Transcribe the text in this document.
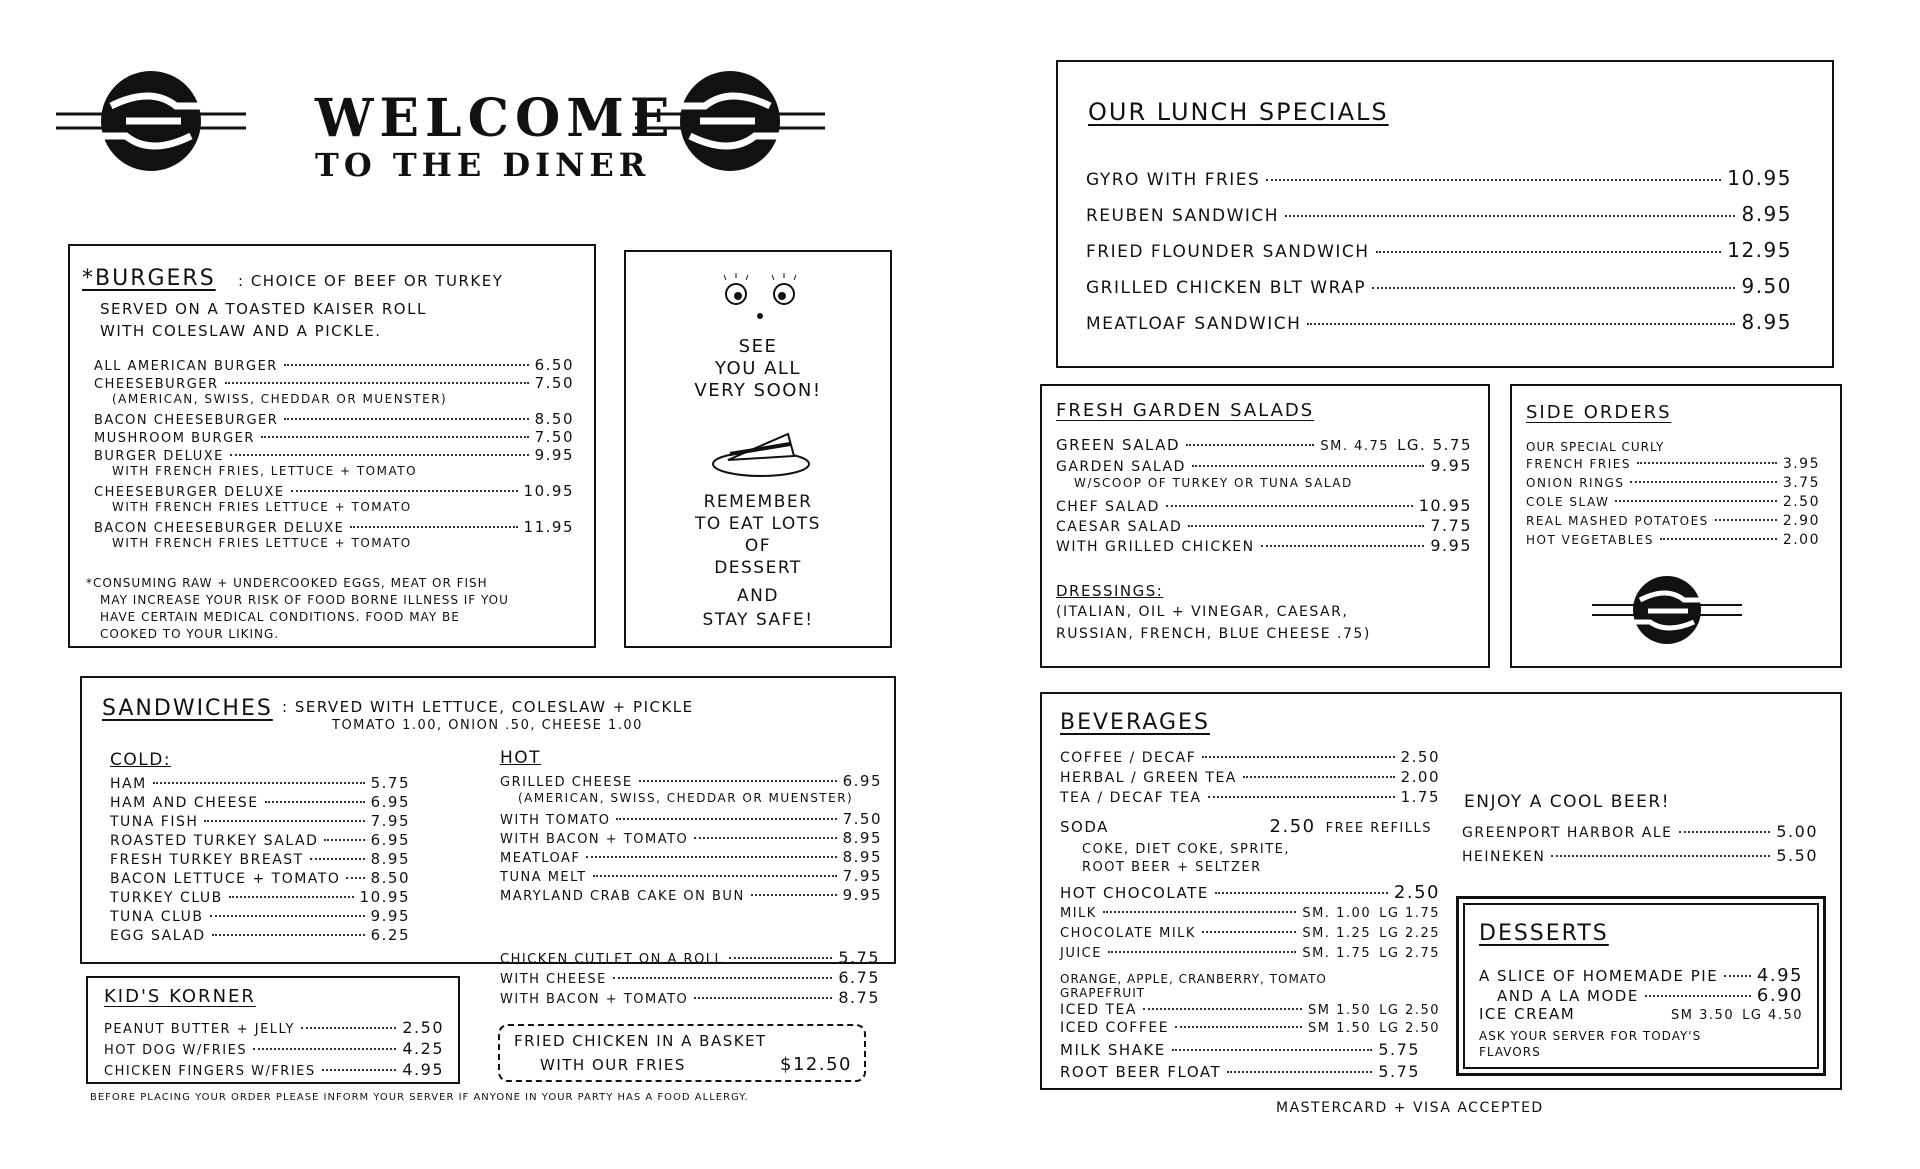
WELCOME
TO THE DINER
*BURGERS : CHOICE OF BEEF OR TURKEY
SERVED ON A TOASTED KAISER ROLL
WITH COLESLAW AND A PICKLE.
ALL AMERICAN BURGER	6.50
CHEESEBURGER	7.50
(AMERICAN, SWISS, CHEDDAR OR MUENSTER)
BACON CHEESEBURGER	8.50
MUSHROOM BURGER	7.50
BURGER DELUXE	9.95
WITH FRENCH FRIES, LETTUCE + TOMATO
CHEESEBURGER DELUXE	10.95
WITH FRENCH FRIES LETTUCE + TOMATO
BACON CHEESEBURGER DELUXE	11.95
WITH FRENCH FRIES LETTUCE + TOMATO
*CONSUMING RAW + UNDERCOOKED EGGS, MEAT OR FISH
MAY INCREASE YOUR RISK OF FOOD BORNE ILLNESS IF YOU
HAVE CERTAIN MEDICAL CONDITIONS. FOOD MAY BE
COOKED TO YOUR LIKING.
SEE
YOU ALL
VERY SOON!
REMEMBER
TO EAT LOTS
OF
DESSERT
AND
STAY SAFE!
SANDWICHES : SERVED WITH LETTUCE, COLESLAW + PICKLE
TOMATO 1.00, ONION .50, CHEESE 1.00
COLD:
HAM	5.75
HAM AND CHEESE	6.95
TUNA FISH	7.95
ROASTED TURKEY SALAD	6.95
FRESH TURKEY BREAST	8.95
BACON LETTUCE + TOMATO 8.50
TURKEY CLUB	10.95
TUNA CLUB	9.95
EGG SALAD	6.25
HOT
GRILLED CHEESE	6.95
(AMERICAN, SWISS, CHEDDAR OR MUENSTER)
WITH TOMATO	7.50
WITH BACON + TOMATO	8.95
MEATLOAF	8.95
TUNA MELT	7.95
MARYLAND CRAB CAKE ON BUN	9.95
CHICKEN CUTLET ON A ROLL	5.75
WITH CHEESE	6.75
WITH BACON + TOMATO	8.75
FRIED CHICKEN IN A BASKET
WITH OUR FRIES	$12.50
KID'S KORNER
PEANUT BUTTER + JELLY	2.50
HOT DOG W/FRIES	4.25
CHICKEN FINGERS W/FRIES	4.95
BEFORE PLACING YOUR ORDER PLEASE INFORM YOUR SERVER IF ANYONE IN YOUR PARTY HAS A FOOD ALLERGY.
OUR LUNCH SPECIALS
GYRO WITH FRIES	10.95
REUBEN SANDWICH	8.95
FRIED FLOUNDER SANDWICH	12.95
GRILLED CHICKEN BLT WRAP	9.50
MEATLOAF SANDWICH	8.95
FRESH GARDEN SALADS
GREEN SALAD	SM. 4.75 LG. 5.75
GARDEN SALAD	9.95
W/SCOOP OF TURKEY OR TUNA SALAD
CHEF SALAD	10.95
CAESAR SALAD	7.75
WITH GRILLED CHICKEN	9.95
DRESSINGS:
(ITALIAN, OIL + VINEGAR, CAESAR,
RUSSIAN, FRENCH, BLUE CHEESE .75)
SIDE ORDERS
OUR SPECIAL CURLY
FRENCH FRIES	3.95
ONION RINGS	3.75
COLE SLAW	2.50
REAL MASHED POTATOES	2.90
HOT VEGETABLES	2.00
BEVERAGES
COFFEE / DECAF	2.50
HERBAL / GREEN TEA	2.00
TEA / DECAF TEA	1.75
SODA	2.50 FREE REFILLS
COKE, DIET COKE, SPRITE,
ROOT BEER + SELTZER
HOT CHOCOLATE	2.50
MILK	SM. 1.00 LG 1.75
CHOCOLATE MILK	SM. 1.25 LG 2.25
JUICE	SM. 1.75 LG 2.75
ORANGE, APPLE, CRANBERRY, TOMATO
GRAPEFRUIT
ICED TEA	SM 1.50 LG 2.50
ICED COFFEE	SM 1.50 LG 2.50
MILK SHAKE	5.75
ROOT BEER FLOAT	5.75
ENJOY A COOL BEER!
GREENPORT HARBOR ALE	5.00
HEINEKEN	5.50
DESSERTS
A SLICE OF HOMEMADE PIE 4.95
AND A LA MODE	6.90
ICE CREAM	SM 3.50 LG 4.50
ASK YOUR SERVER FOR TODAY'S
FLAVORS
MASTERCARD + VISA ACCEPTED
